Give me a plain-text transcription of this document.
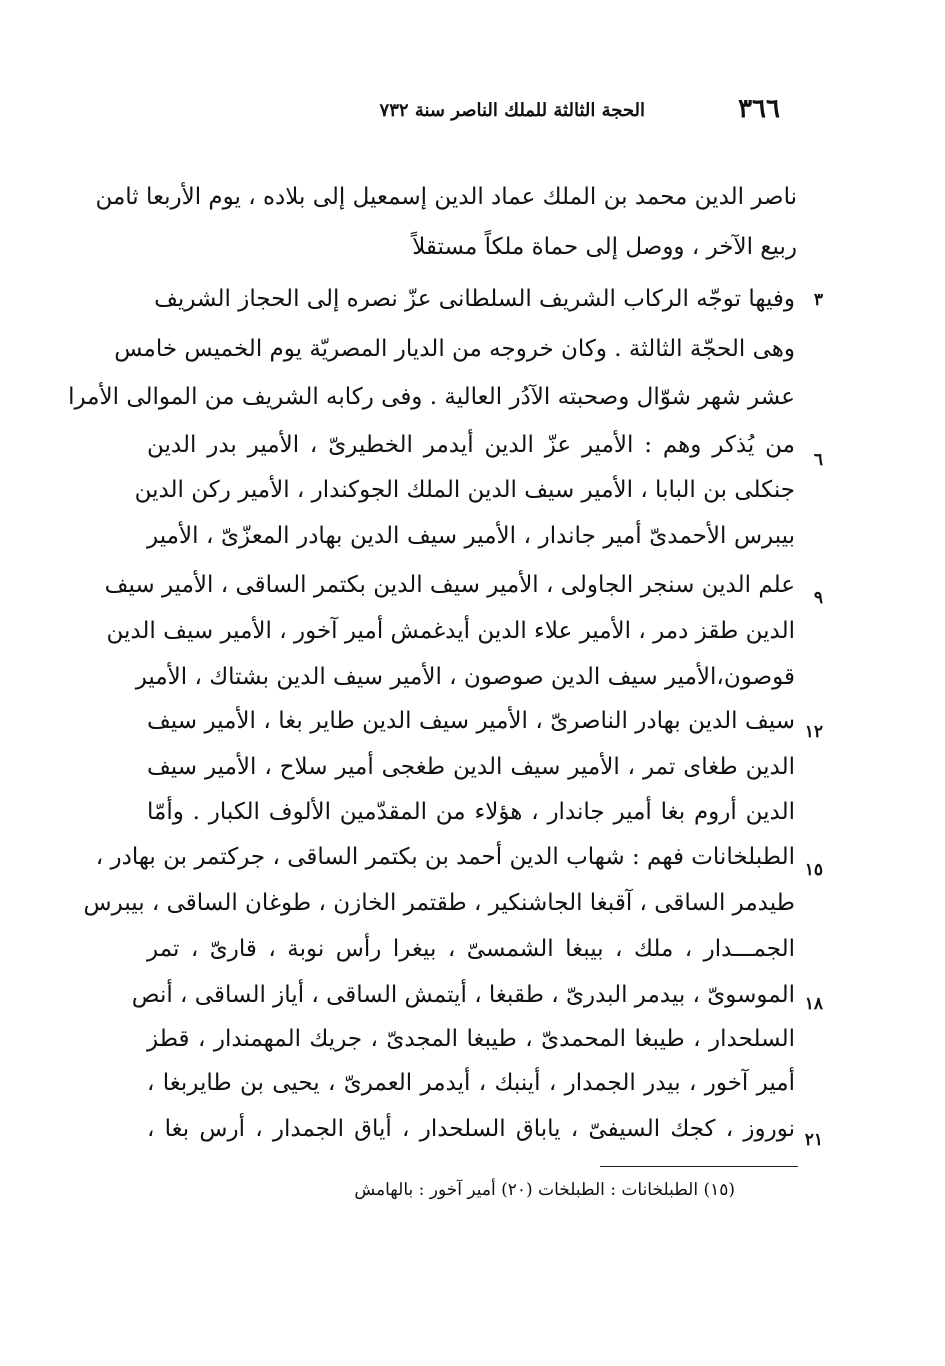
٣٦٦
الحجة الثالثة للملك الناصر سنة ٧٣٢
ناصر الدين محمد بن الملك عماد الدين إسمعيل إلى بلاده ، يوم الأربعا ثامن
ربيع الآخر ، ووصل إلى حماة ملكاً مستقلاً
وفيها توجّه الركاب الشريف السلطانى عزّ نصره إلى الحجاز الشريف ٣
وهى الحجّة الثالثة . وكان خروجه من الديار المصريّة يوم الخميس خامس
عشر شهر شوّال وصحبته الآدُر العالية . وفى ركابه الشريف من الموالى الأمرا
من يُذكر وهم : الأمير عزّ الدين أيدمر الخطيرىّ ، الأمير بدر الدين
٦
جنكلى بن البابا ، الأمير سيف الدين الملك الجوكندار ، الأمير ركن الدين
بيبرس الأحمدىّ أمير جاندار ، الأمير سيف الدين بهادر المعزّىّ ، الأمير
علم الدين سنجر الجاولى ، الأمير سيف الدين بكتمر الساقى ، الأمير سيف ٩
الدين طقز دمر ، الأمير علاء الدين أيدغمش أمير آخور ، الأمير سيف الدين
قوصون،الأمير سيف الدين صوصون ، الأمير سيف الدين بشتاك ، الأمير
سيف الدين بهادر الناصرىّ ، الأمير سيف الدين طاير بغا ، الأمير سيف ١٢
الدين طغاى تمر ، الأمير سيف الدين طغجى أمير سلاح ، الأمير سيف
الدين أروم بغا أمير جاندار ، هؤلاء من المقدّمين الألوف الكبار . وأمّا
الطبلخانات فهم : شهاب الدين أحمد بن بكتمر الساقى ، جركتمر بن بهادر ، ١٥
طيدمر الساقى ، آقبغا الجاشنكير ، طقتمر الخازن ، طوغان الساقى ، بيبرس
الجمـــدار ، ملك ، بيبغا الشمسىّ ، بيغرا رأس نوبة ، قارىّ ، تمر
الموسوىّ ، بيدمر البدرىّ ، طقبغا ، أيتمش الساقى ، أياز الساقى ، أنص ١٨
السلحدار ، طيبغا المحمدىّ ، طيبغا المجدىّ ، جريك المهمندار ، قطز
أمير آخور ، بيدر الجمدار ، أينبك ، أيدمر العمرىّ ، يحيى بن طايربغا ،
نوروز ، كجك السيفىّ ، ياباق السلحدار ، أياق الجمدار ، أرس بغا ، ٢١
(١٥) الطبلخانات : الطبلخات (٢٠) أمير آخور : بالهامش
